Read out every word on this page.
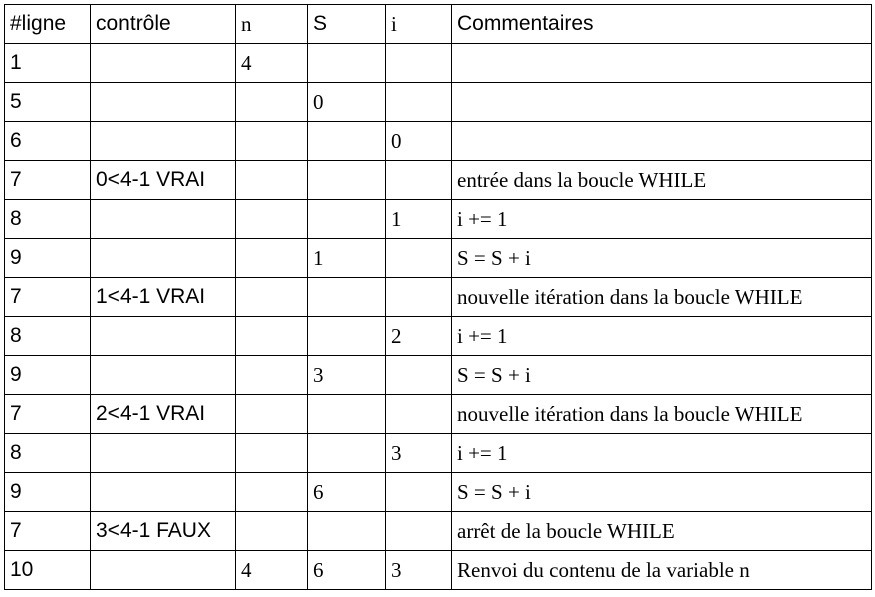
#ligne	contrôle	n	S	i	Commentaires
1		4			
5			0		
6				0	
7	0<4-1 VRAI				entrée dans la boucle WHILE
8				1	i += 1
9			1		S = S + i
7	1<4-1 VRAI				nouvelle itération dans la boucle WHILE
8				2	i += 1
9			3		S = S + i
7	2<4-1 VRAI				nouvelle itération dans la boucle WHILE
8				3	i += 1
9			6		S = S + i
7	3<4-1 FAUX				arrêt de la boucle WHILE
10		4	6	3	Renvoi du contenu de la variable n
